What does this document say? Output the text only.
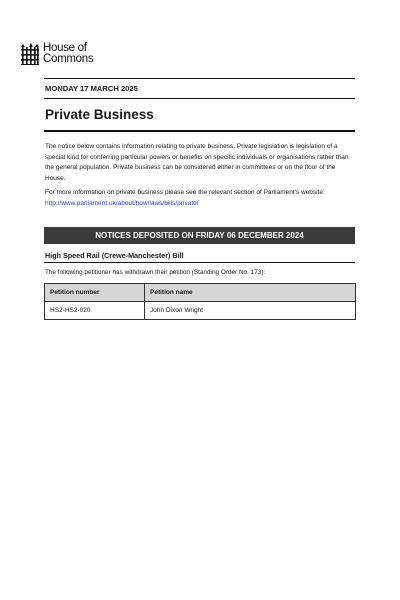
House of
Commons
MONDAY 17 MARCH 2025
Private Business
The notice below contains information relating to private business. Private legislation is legislation of a special kind for conferring particular powers or benefits on specific individuals or organisations rather than the general population. Private business can be considered either in committees or on the floor of the House.
For more information on private business please see the relevant section of Parliament's website: http://www.parliament.uk/about/how/laws/bills/private/
NOTICES DEPOSITED ON FRIDAY 06 DECEMBER 2024
High Speed Rail (Crewe-Manchester) Bill
The following petitioner has withdrawn their petition (Standing Order No. 173):
Petition number	Petition name
HS2-HS2-020	John Dixon Wright
